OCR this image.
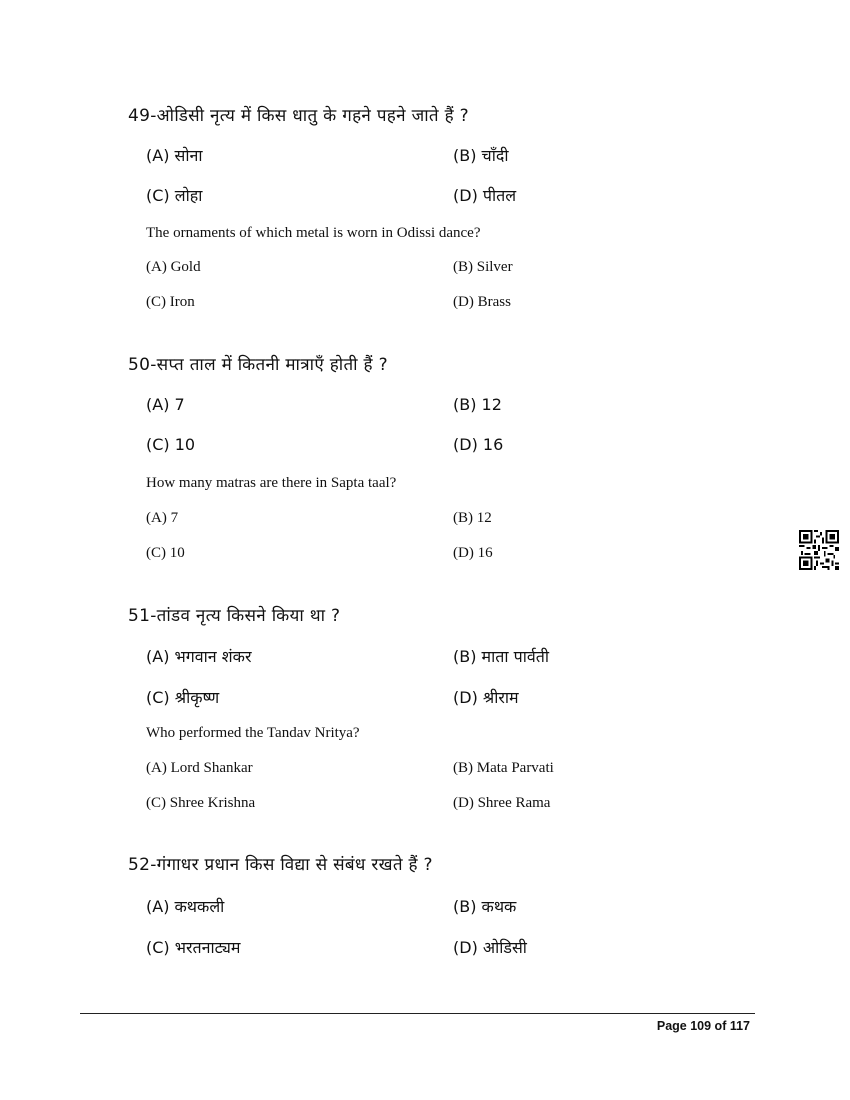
49-ओडिसी नृत्य में किस धातु के गहने पहने जाते हैं ?
(A) सोना	(B) चाँदी
(C) लोहा	(D) पीतल
The ornaments of which metal is worn in Odissi dance?
(A) Gold	(B) Silver
(C) Iron	(D) Brass
50-सप्त ताल में कितनी मात्राएँ होती हैं ?
(A) 7	(B) 12
(C) 10	(D) 16
How many matras are there in Sapta taal?
(A) 7	(B) 12
(C) 10	(D) 16
51-तांडव नृत्य किसने किया था ?
(A) भगवान शंकर	(B) माता पार्वती
(C) श्रीकृष्ण	(D) श्रीराम
Who performed the Tandav Nritya?
(A) Lord Shankar	(B) Mata Parvati
(C) Shree Krishna	(D) Shree Rama
52-गंगाधर प्रधान किस विद्या से संबंध रखते हैं ?
(A) कथकली	(B) कथक
(C) भरतनाट्यम	(D) ओडिसी
Page 109 of 117
